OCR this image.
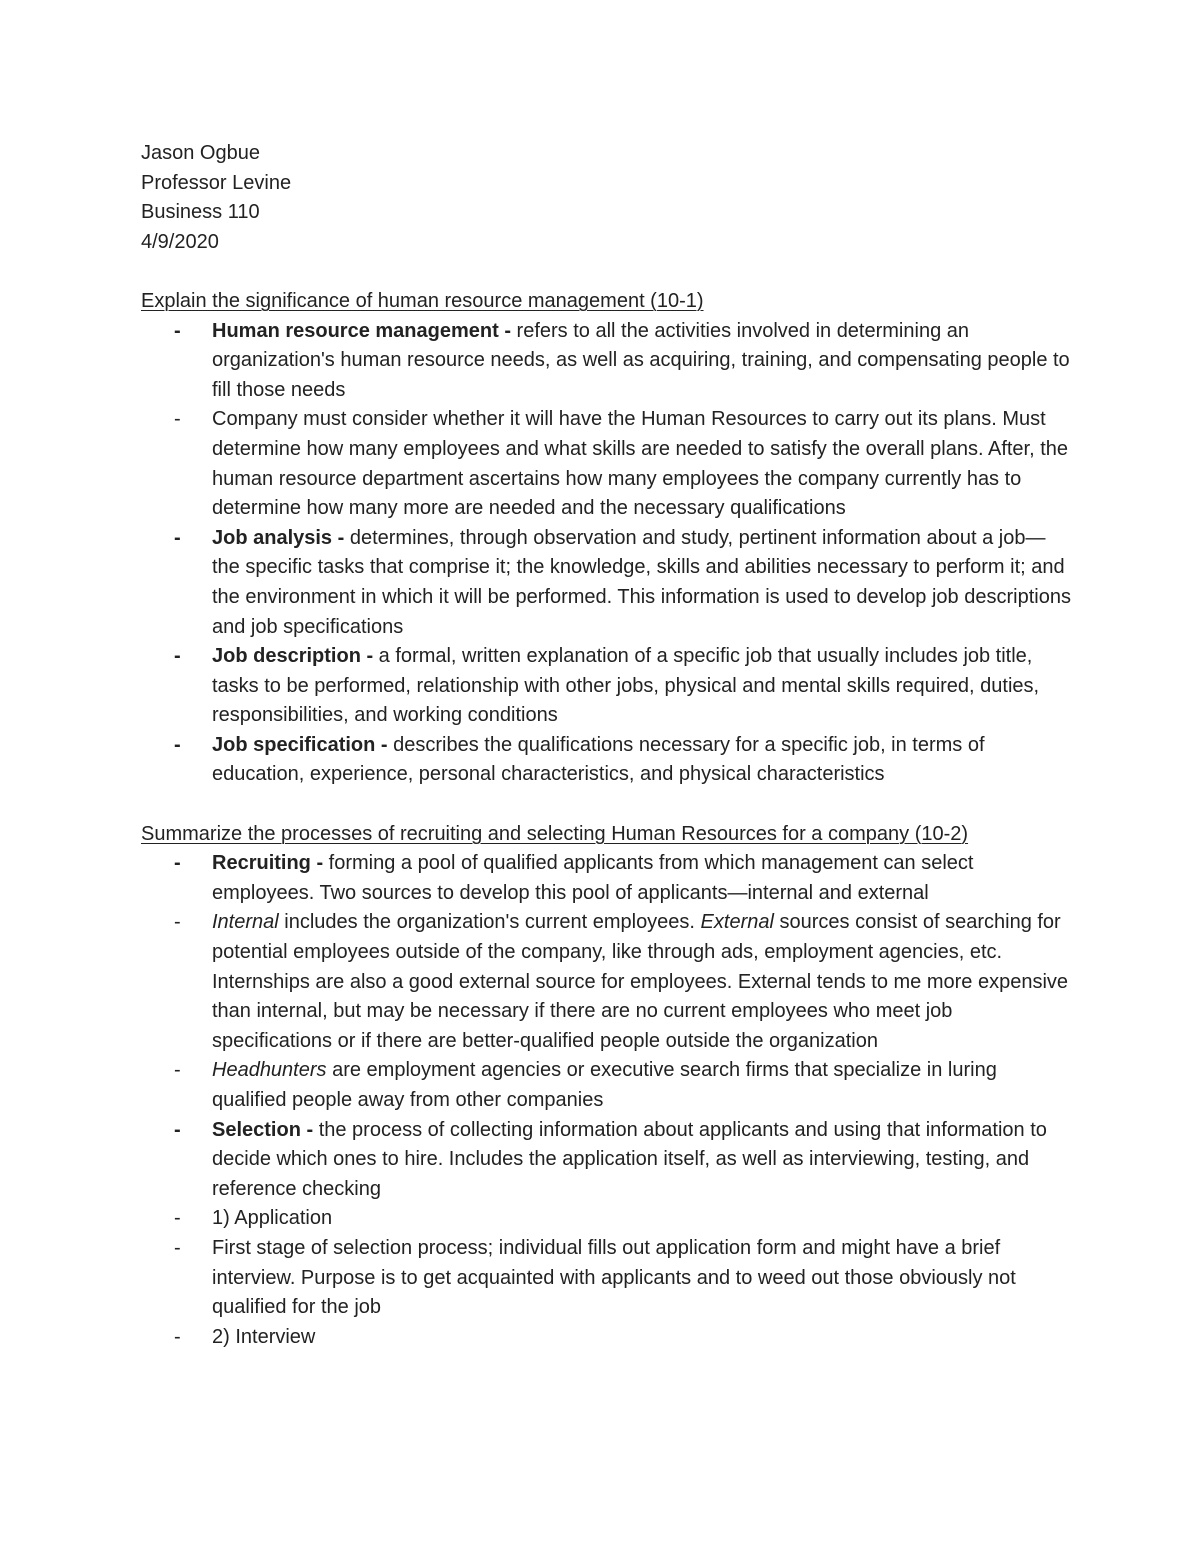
Jason Ogbue
Professor Levine
Business 110
4/9/2020
Explain the significance of human resource management (10-1)
-	Human resource management - refers to all the activities involved in determining an organization's human resource needs, as well as acquiring, training, and compensating people to fill those needs
-	Company must consider whether it will have the Human Resources to carry out its plans. Must determine how many employees and what skills are needed to satisfy the overall plans. After, the human resource department ascertains how many employees the company currently has to determine how many more are needed and the necessary qualifications
-	Job analysis - determines, through observation and study, pertinent information about a job—the specific tasks that comprise it; the knowledge, skills and abilities necessary to perform it; and the environment in which it will be performed. This information is used to develop job descriptions and job specifications
-	Job description - a formal, written explanation of a specific job that usually includes job title, tasks to be performed, relationship with other jobs, physical and mental skills required, duties, responsibilities, and working conditions
-	Job specification - describes the qualifications necessary for a specific job, in terms of education, experience, personal characteristics, and physical characteristics
Summarize the processes of recruiting and selecting Human Resources for a company (10-2)
-	Recruiting - forming a pool of qualified applicants from which management can select employees. Two sources to develop this pool of applicants—internal and external
-	Internal includes the organization's current employees. External sources consist of searching for potential employees outside of the company, like through ads, employment agencies, etc. Internships are also a good external source for employees. External tends to me more expensive than internal, but may be necessary if there are no current employees who meet job specifications or if there are better-qualified people outside the organization
-	Headhunters are employment agencies or executive search firms that specialize in luring qualified people away from other companies
-	Selection - the process of collecting information about applicants and using that information to decide which ones to hire. Includes the application itself, as well as interviewing, testing, and reference checking
-	1) Application
-	First stage of selection process; individual fills out application form and might have a brief interview. Purpose is to get acquainted with applicants and to weed out those obviously not qualified for the job
-	2) Interview
